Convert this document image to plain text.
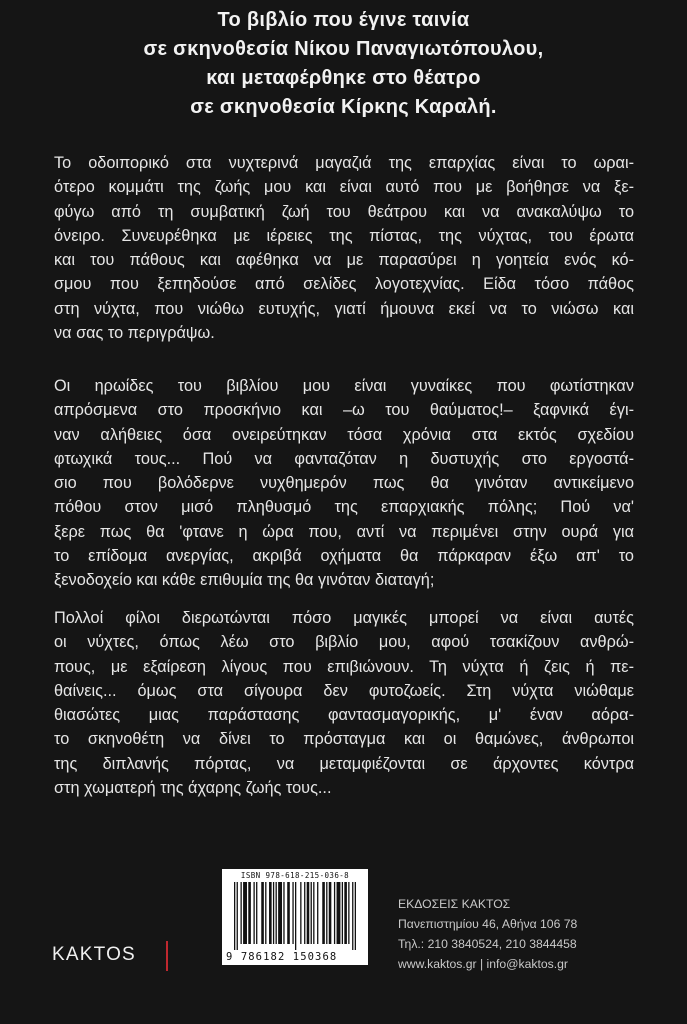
Το βιβλίο που έγινε ταινία
σε σκηνοθεσία Νίκου Παναγιωτόπουλου,
και μεταφέρθηκε στο θέατρο
σε σκηνοθεσία Κίρκης Καραλή.

Το οδοιπορικό στα νυχτερινά μαγαζιά της επαρχίας είναι το ωραι-
ότερο κομμάτι της ζωής μου και είναι αυτό που με βοήθησε να ξε-
φύγω από τη συμβατική ζωή του θεάτρου και να ανακαλύψω το
όνειρο. Συνευρέθηκα με ιέρειες της πίστας, της νύχτας, του έρωτα
και του πάθους και αφέθηκα να με παρασύρει η γοητεία ενός κό-
σμου που ξεπηδούσε από σελίδες λογοτεχνίας. Είδα τόσο πάθος
στη νύχτα, που νιώθω ευτυχής, γιατί ήμουνα εκεί να το νιώσω και
να σας το περιγράψω.

Οι ηρωίδες του βιβλίου μου είναι γυναίκες που φωτίστηκαν
απρόσμενα στο προσκήνιο και –ω του θαύματος!– ξαφνικά έγι-
ναν αλήθειες όσα ονειρεύτηκαν τόσα χρόνια στα εκτός σχεδίου
φτωχικά τους... Πού να φανταζόταν η δυστυχής στο εργοστά-
σιο που βολόδερνε νυχθημερόν πως θα γινόταν αντικείμενο
πόθου στον μισό πληθυσμό της επαρχιακής πόλης; Πού να'
ξερε πως θα 'φτανε η ώρα που, αντί να περιμένει στην ουρά για
το επίδομα ανεργίας, ακριβά οχήματα θα πάρκαραν έξω απ' το
ξενοδοχείο και κάθε επιθυμία της θα γινόταν διαταγή;

Πολλοί φίλοι διερωτώνται πόσο μαγικές μπορεί να είναι αυτές
οι νύχτες, όπως λέω στο βιβλίο μου, αφού τσακίζουν ανθρώ-
πους, με εξαίρεση λίγους που επιβιώνουν. Τη νύχτα ή ζεις ή πε-
θαίνεις... όμως στα σίγουρα δεν φυτοζωείς. Στη νύχτα νιώθαμε
θιασώτες μιας παράστασης φαντασμαγορικής, μ' έναν αόρα-
το σκηνοθέτη να δίνει το πρόσταγμα και οι θαμώνες, άνθρωποι
της διπλανής πόρτας, να μεταμφιέζονται σε άρχοντες κόντρα
στη χωματερή της άχαρης ζωής τους...

KAKTOS
ISBN 978-618-215-036-8
9 786182 150368
ΕΚΔΟΣΕΙΣ ΚΑΚΤΟΣ
Πανεπιστημίου 46, Αθήνα 106 78
Τηλ.: 210 3840524, 210 3844458
www.kaktos.gr | info@kaktos.gr
